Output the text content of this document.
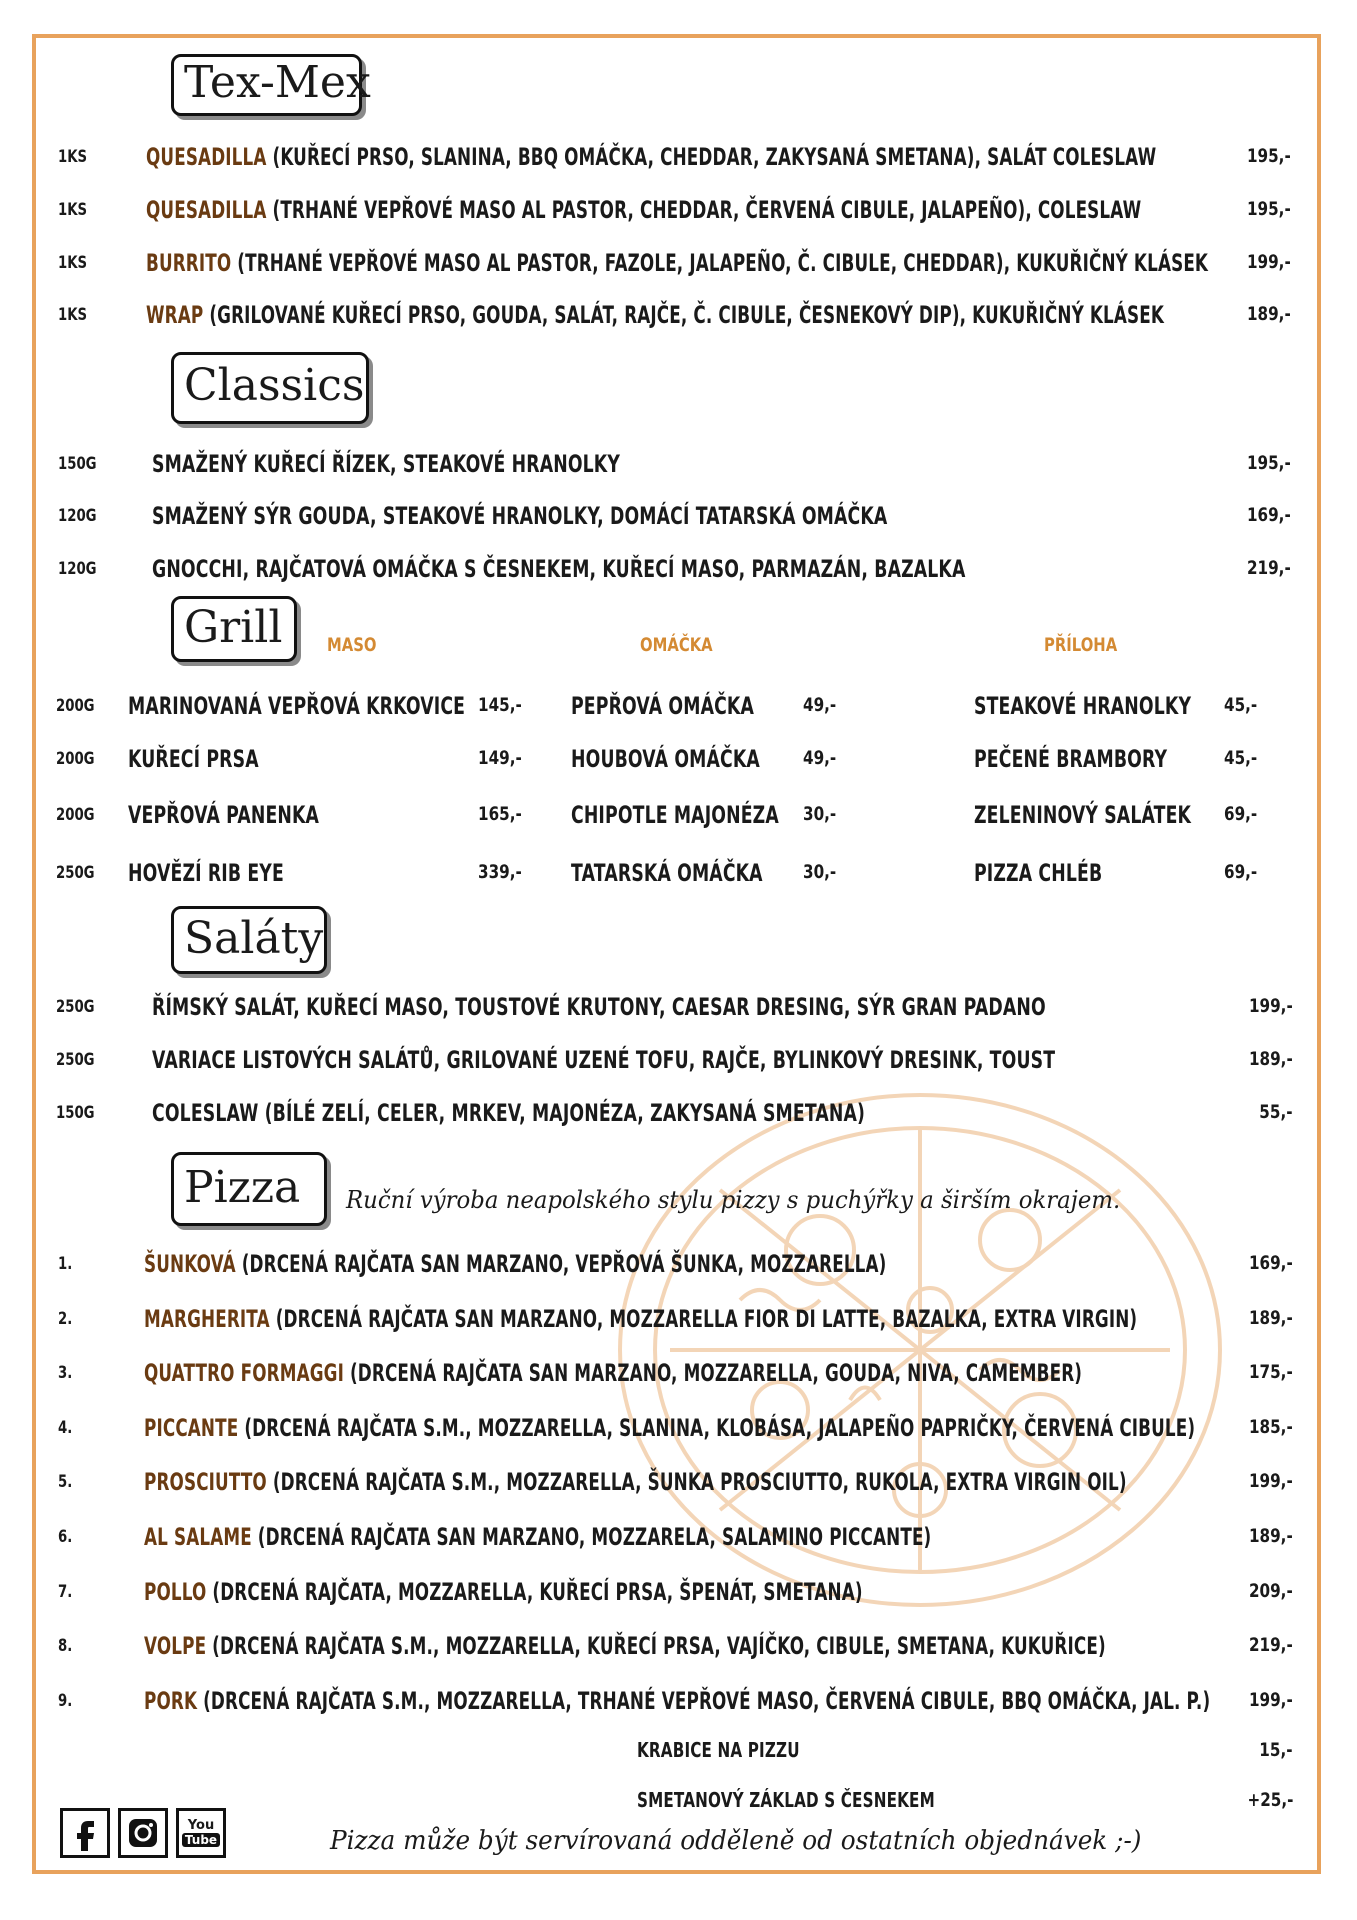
Tex-Mex
1KS QUESADILLA (KUŘECÍ PRSO, SLANINA, BBQ OMÁČKA, CHEDDAR, ZAKYSANÁ SMETANA), SALÁT COLESLAW	195,-
1KS QUESADILLA (TRHANÉ VEPŘOVÉ MASO AL PASTOR, CHEDDAR, ČERVENÁ CIBULE, JALAPEÑO), COLESLAW	195,-
1KS BURRITO (TRHANÉ VEPŘOVÉ MASO AL PASTOR, FAZOLE, JALAPEÑO, Č. CIBULE, CHEDDAR), KUKUŘIČNÝ KLÁSEK 199,-
1KS WRAP (GRILOVANÉ KUŘECÍ PRSO, GOUDA, SALÁT, RAJČE, Č. CIBULE, ČESNEKOVÝ DIP), KUKUŘIČNÝ KLÁSEK	189,-
Classics
150G SMAŽENÝ KUŘECÍ ŘÍZEK, STEAKOVÉ HRANOLKY	195,-
120G SMAŽENÝ SÝR GOUDA, STEAKOVÉ HRANOLKY, DOMÁCÍ TATARSKÁ OMÁČKA	169,-
120G GNOCCHI, RAJČATOVÁ OMÁČKA S ČESNEKEM, KUŘECÍ MASO, PARMAZÁN, BAZALKA	219,-
Grill	MASO	OMÁČKA	PŘÍLOHA
200G MARINOVANÁ VEPŘOVÁ KRKOVICE 145,-
200G KUŘECÍ PRSA	149,-
200G VEPŘOVÁ PANENKA	165,-
250G HOVĚZÍ RIB EYE	339,-
PEPŘOVÁ OMÁČKA	49,-
HOUBOVÁ OMÁČKA 49,-
CHIPOTLE MAJONÉZA 30,-
TATARSKÁ OMÁČKA 30,-
STEAKOVÉ HRANOLKY 45,-
PEČENÉ BRAMBORY	45,-
ZELENINOVÝ SALÁTEK 69,-
PIZZA CHLÉB	69,-
Saláty
250G ŘÍMSKÝ SALÁT, KUŘECÍ MASO, TOUSTOVÉ KRUTONY, CAESAR DRESING, SÝR GRAN PADANO	199,-
250G VARIACE LISTOVÝCH SALÁTŮ, GRILOVANÉ UZENÉ TOFU, RAJČE, BYLINKOVÝ DRESINK, TOUST	189,-
150G COLESLAW (BÍLÉ ZELÍ, CELER, MRKEV, MAJONÉZA, ZAKYSANÁ SMETANA)	55,-
Pizza	Ruční výroba neapolského stylu pizzy s puchýřky a širším okrajem.
1.	ŠUNKOVÁ (DRCENÁ RAJČATA SAN MARZANO, VEPŘOVÁ ŠUNKA, MOZZARELLA)	169,-
2.	MARGHERITA (DRCENÁ RAJČATA SAN MARZANO, MOZZARELLA FIOR DI LATTE, BAZALKA, EXTRA VIRGIN)	189,-
3.	QUATTRO FORMAGGI (DRCENÁ RAJČATA SAN MARZANO, MOZZARELLA, GOUDA, NIVA, CAMEMBER)	175,-
4.	PICCANTE (DRCENÁ RAJČATA S.M., MOZZARELLA, SLANINA, KLOBÁSA, JALAPEÑO PAPRIČKY, ČERVENÁ CIBULE)	185,-
5.	PROSCIUTTO (DRCENÁ RAJČATA S.M., MOZZARELLA, ŠUNKA PROSCIUTTO, RUKOLA, EXTRA VIRGIN OIL)	199,-
6.	AL SALAME (DRCENÁ RAJČATA SAN MARZANO, MOZZARELA, SALAMINO PICCANTE)	189,-
7.	POLLO (DRCENÁ RAJČATA, MOZZARELLA, KUŘECÍ PRSA, ŠPENÁT, SMETANA)	209,-
8.	VOLPE (DRCENÁ RAJČATA S.M., MOZZARELLA, KUŘECÍ PRSA, VAJÍČKO, CIBULE, SMETANA, KUKUŘICE)	219,-
9.	PORK (DRCENÁ RAJČATA S.M., MOZZARELLA, TRHANÉ VEPŘOVÉ MASO, ČERVENÁ CIBULE, BBQ OMÁČKA, JAL. P.) 199,-
KRABICE NA PIZZU	15,-
SMETANOVÝ ZÁKLAD S ČESNEKEM	+25,-
You
Tube	Pizza může být servírovaná odděleně od ostatních objednávek ;-)
